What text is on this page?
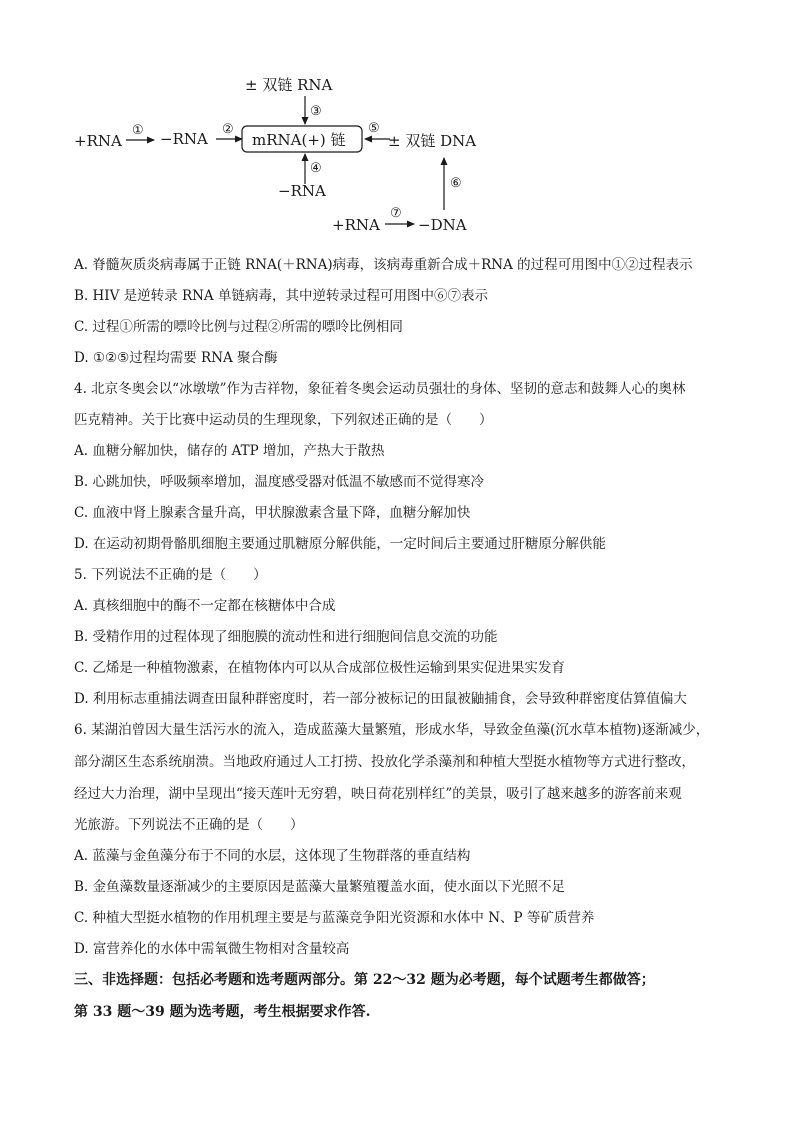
± 双链 RNA
③
+RNA
① −RNA
②
mRNA(+) 链
⑤
± 双链 DNA
④
−RNA	⑥
+RNA
⑦
−DNA
A. 脊髓灰质炎病毒属于正链 RNA(＋RNA)病毒，该病毒重新合成＋RNA 的过程可用图中①②过程表示
B. HIV 是逆转录 RNA 单链病毒，其中逆转录过程可用图中⑥⑦表示
C. 过程①所需的嘌呤比例与过程②所需的嘌呤比例相同
D. ①②⑤过程均需要 RNA 聚合酶
4. 北京冬奥会以“冰墩墩”作为吉祥物，象征着冬奥会运动员强壮的身体、坚韧的意志和鼓舞人心的奥林
匹克精神。关于比赛中运动员的生理现象，下列叙述正确的是（　　）
A. 血糖分解加快，储存的 ATP 增加，产热大于散热
B. 心跳加快，呼吸频率增加，温度感受器对低温不敏感而不觉得寒冷
C. 血液中肾上腺素含量升高，甲状腺激素含量下降，血糖分解加快
D. 在运动初期骨骼肌细胞主要通过肌糖原分解供能，一定时间后主要通过肝糖原分解供能
5. 下列说法不正确的是（　　）
A. 真核细胞中的酶不一定都在核糖体中合成
B. 受精作用的过程体现了细胞膜的流动性和进行细胞间信息交流的功能
C. 乙烯是一种植物激素，在植物体内可以从合成部位极性运输到果实促进果实发育
D. 利用标志重捕法调查田鼠种群密度时，若一部分被标记的田鼠被鼬捕食，会导致种群密度估算值偏大
6. 某湖泊曾因大量生活污水的流入，造成蓝藻大量繁殖，形成水华，导致金鱼藻(沉水草本植物)逐渐减少，
部分湖区生态系统崩溃。当地政府通过人工打捞、投放化学杀藻剂和种植大型挺水植物等方式进行整改，
经过大力治理，湖中呈现出“接天莲叶无穷碧，映日荷花别样红”的美景，吸引了越来越多的游客前来观
光旅游。下列说法不正确的是（　　）
A. 蓝藻与金鱼藻分布于不同的水层，这体现了生物群落的垂直结构
B. 金鱼藻数量逐渐减少的主要原因是蓝藻大量繁殖覆盖水面，使水面以下光照不足
C. 种植大型挺水植物的作用机理主要是与蓝藻竞争阳光资源和水体中 N、P 等矿质营养
D. 富营养化的水体中需氧微生物相对含量较高
三、非选择题：包括必考题和选考题两部分。第 22～32 题为必考题，每个试题考生都做答；
第 33 题～39 题为选考题，考生根据要求作答.
